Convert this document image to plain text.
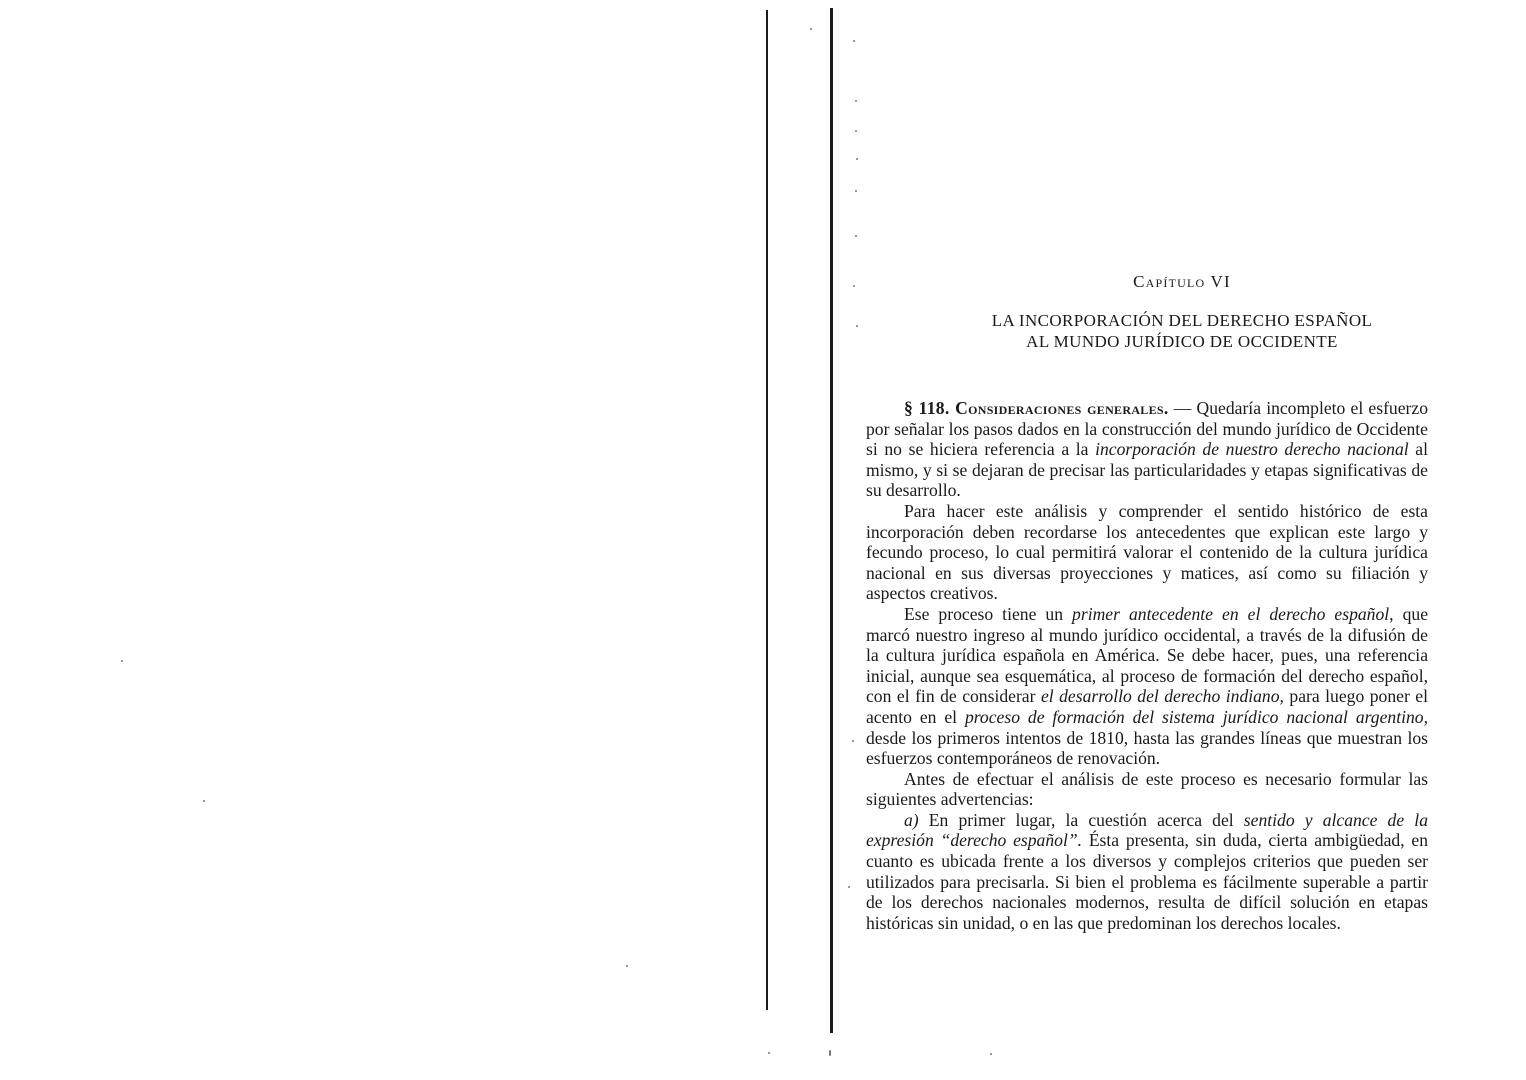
Capítulo VI
LA INCORPORACIÓN DEL DERECHO ESPAÑOL
AL MUNDO JURÍDICO DE OCCIDENTE

§ 118. Consideraciones generales. — Quedaría incompleto el esfuerzo por señalar los pasos dados en la construcción del mundo jurídico de Occidente si no se hiciera referencia a la incorporación de nuestro derecho nacional al mismo, y si se dejaran de precisar las particularidades y etapas significativas de su desarrollo.

Para hacer este análisis y comprender el sentido histórico de esta incorporación deben recordarse los antecedentes que explican este largo y fecundo proceso, lo cual permitirá valorar el contenido de la cultura jurídica nacional en sus diversas proyecciones y matices, así como su filiación y aspectos creativos.

Ese proceso tiene un primer antecedente en el derecho español, que marcó nuestro ingreso al mundo jurídico occidental, a través de la difusión de la cultura jurídica española en América. Se debe hacer, pues, una referencia inicial, aunque sea esquemática, al proceso de formación del derecho español, con el fin de considerar el desarrollo del derecho indiano, para luego poner el acento en el proceso de formación del sistema jurídico nacional argentino, desde los primeros intentos de 1810, hasta las grandes líneas que muestran los esfuerzos contemporáneos de renovación.

Antes de efectuar el análisis de este proceso es necesario formular las siguientes advertencias:

a) En primer lugar, la cuestión acerca del sentido y alcance de la expresión “derecho español”. Ésta presenta, sin duda, cierta ambigüedad, en cuanto es ubicada frente a los diversos y complejos criterios que pueden ser utilizados para precisarla. Si bien el problema es fácilmente superable a partir de los derechos nacionales modernos, resulta de difícil solución en etapas históricas sin unidad, o en las que predominan los derechos locales.
